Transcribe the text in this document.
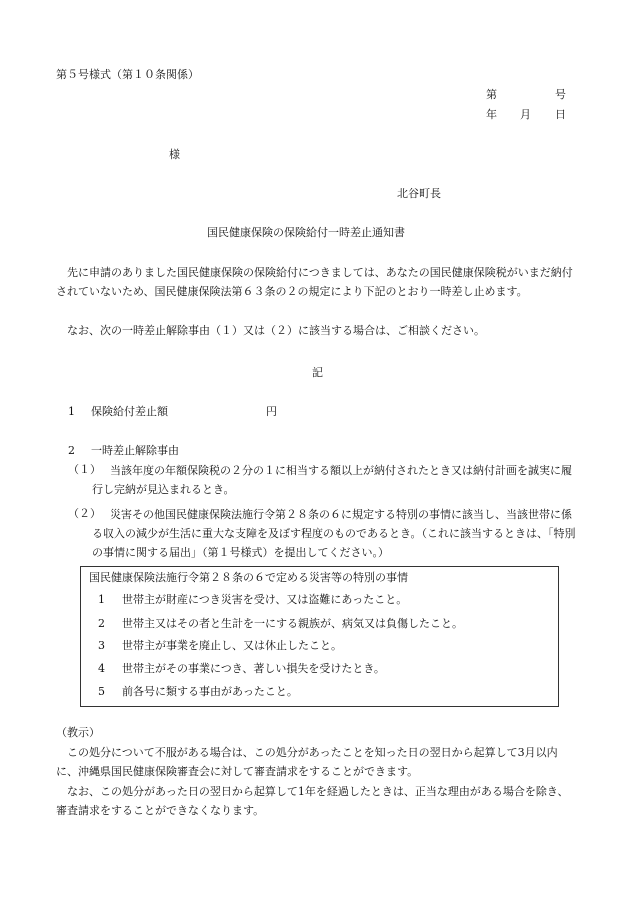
第５号様式（第１０条関係）
第	号
年 月 日
様
北谷町長
国民健康保険の保険給付一時差止通知書
先に申請のありました国民健康保険の保険給付につきましては、あなたの国民健康保険税がいまだ納付されていないため、国民健康保険法第６３条の２の規定により下記のとおり一時差し止めます。
なお、次の一時差止解除事由（１）又は（２）に該当する場合は、ご相談ください。
記
1 保険給付差止額	円
2 一時差止解除事由
（１） 当該年度の年額保険税の２分の１に相当する額以上が納付されたとき又は納付計画を誠実に履行し完納が見込まれるとき。
（２） 災害その他国民健康保険法施行令第２８条の６に規定する特別の事情に該当し、当該世帯に係る収入の減少が生活に重大な支障を及ぼす程度のものであるとき。（これに該当するときは、「特別の事情に関する届出」（第１号様式）を提出してください。）
国民健康保険法施行令第２８条の６で定める災害等の特別の事情
1 世帯主が財産につき災害を受け、又は盗難にあったこと。
2 世帯主又はその者と生計を一にする親族が、病気又は負傷したこと。
3 世帯主が事業を廃止し、又は休止したこと。
4 世帯主がその事業につき、著しい損失を受けたとき。
5 前各号に類する事由があったこと。
（教示）
この処分について不服がある場合は、この処分があったことを知った日の翌日から起算して3月以内に、沖縄県国民健康保険審査会に対して審査請求をすることができます。
なお、この処分があった日の翌日から起算して1年を経過したときは、正当な理由がある場合を除き、審査請求をすることができなくなります。
